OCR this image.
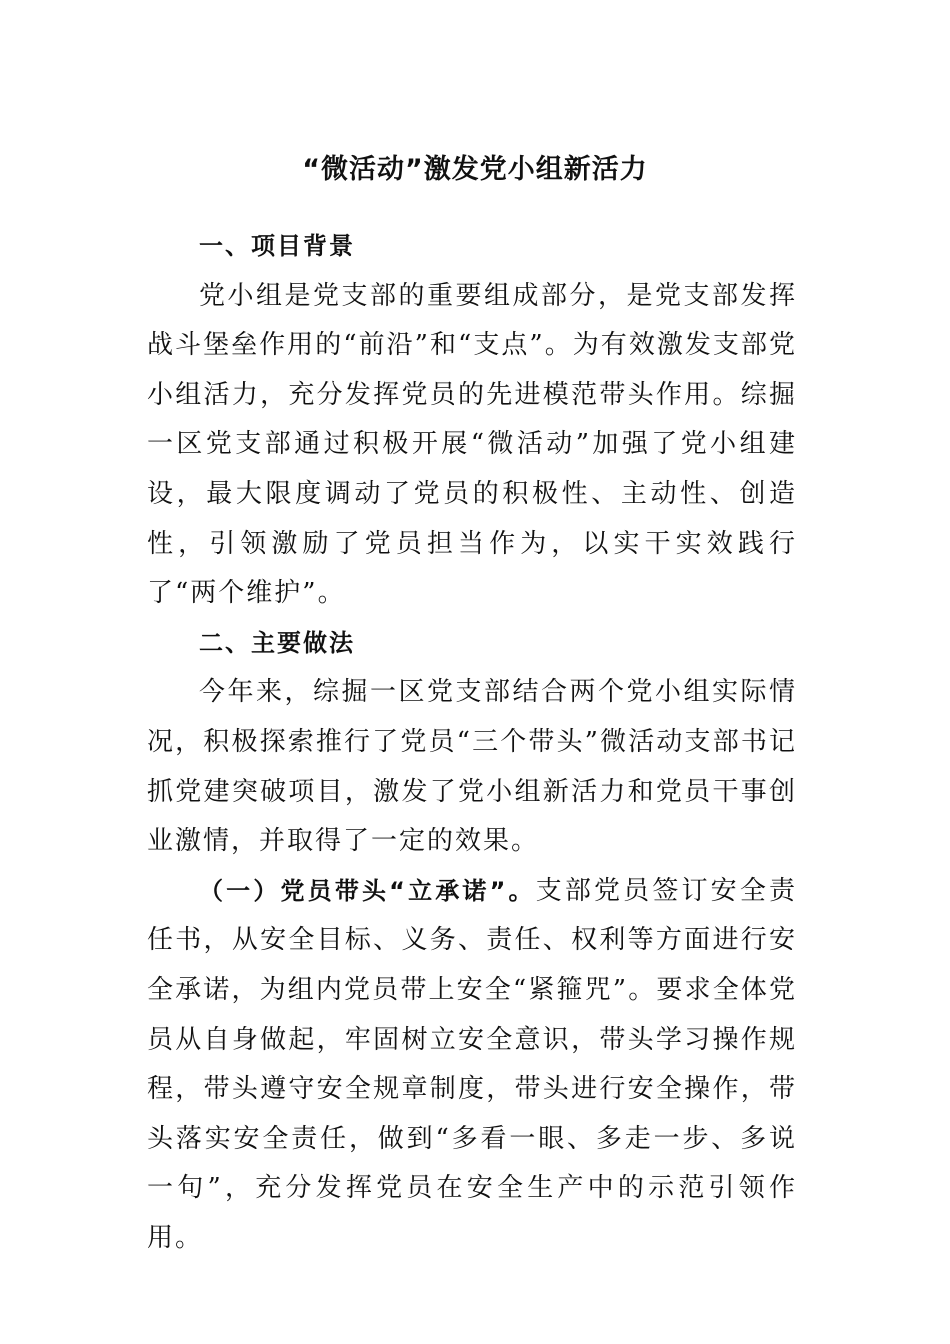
“微活动”激发党小组新活力
一、项目背景

党小组是党支部的重要组成部分，是党支部发挥战斗堡垒作用的“前沿”和“支点”。为有效激发支部党小组活力，充分发挥党员的先进模范带头作用。综掘一区党支部通过积极开展“微活动”加强了党小组建设，最大限度调动了党员的积极性、主动性、创造性，引领激励了党员担当作为，以实干实效践行了“两个维护”。

二、主要做法

今年来，综掘一区党支部结合两个党小组实际情况，积极探索推行了党员“三个带头”微活动支部书记抓党建突破项目，激发了党小组新活力和党员干事创业激情，并取得了一定的效果。

（一）党员带头“立承诺”。支部党员签订安全责任书，从安全目标、义务、责任、权利等方面进行安全承诺，为组内党员带上安全“紧箍咒”。要求全体党员从自身做起，牢固树立安全意识，带头学习操作规程，带头遵守安全规章制度，带头进行安全操作，带头落实安全责任，做到“多看一眼、多走一步、多说一句”，充分发挥党员在安全生产中的示范引领作用。
